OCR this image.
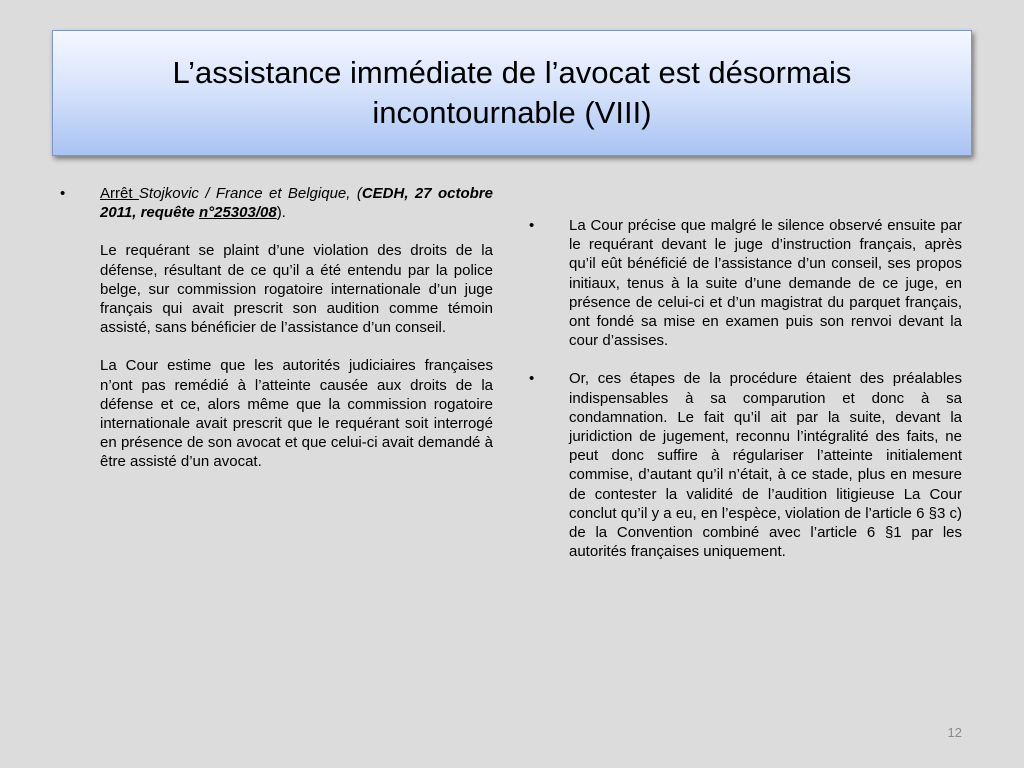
L’assistance immédiate de l’avocat est désormais incontournable (VIII)
•	Arrêt Stojkovic / France et Belgique, (CEDH, 27 octobre 2011, requête n°25303/08).

Le requérant se plaint d’une violation des droits de la défense, résultant de ce qu’il a été entendu par la police belge, sur commission rogatoire internationale d’un juge français qui avait prescrit son audition comme témoin assisté, sans bénéficier de l’assistance d’un conseil.

La Cour estime que les autorités judiciaires françaises n’ont pas remédié à l’atteinte causée aux droits de la défense et ce, alors même que la commission rogatoire internationale avait prescrit que le requérant soit interrogé en présence de son avocat et que celui-ci avait demandé à être assisté d’un avocat.

•	La Cour précise que malgré le silence observé ensuite par le requérant devant le juge d’instruction français, après qu’il eût bénéficié de l’assistance d’un conseil, ses propos initiaux, tenus à la suite d’une demande de ce juge, en présence de celui-ci et d’un magistrat du parquet français, ont fondé sa mise en examen puis son renvoi devant la cour d’assises.

•	Or, ces étapes de la procédure étaient des préalables indispensables à sa comparution et donc à sa condamnation. Le fait qu’il ait par la suite, devant la juridiction de jugement, reconnu l’intégralité des faits, ne peut donc suffire à régulariser l’atteinte initialement commise, d’autant qu’il n’était, à ce stade, plus en mesure de contester la validité de l’audition litigieuse La Cour conclut qu’il y a eu, en l’espèce, violation de l’article 6 §3 c) de la Convention combiné avec l’article 6 §1 par les autorités françaises uniquement.

12
